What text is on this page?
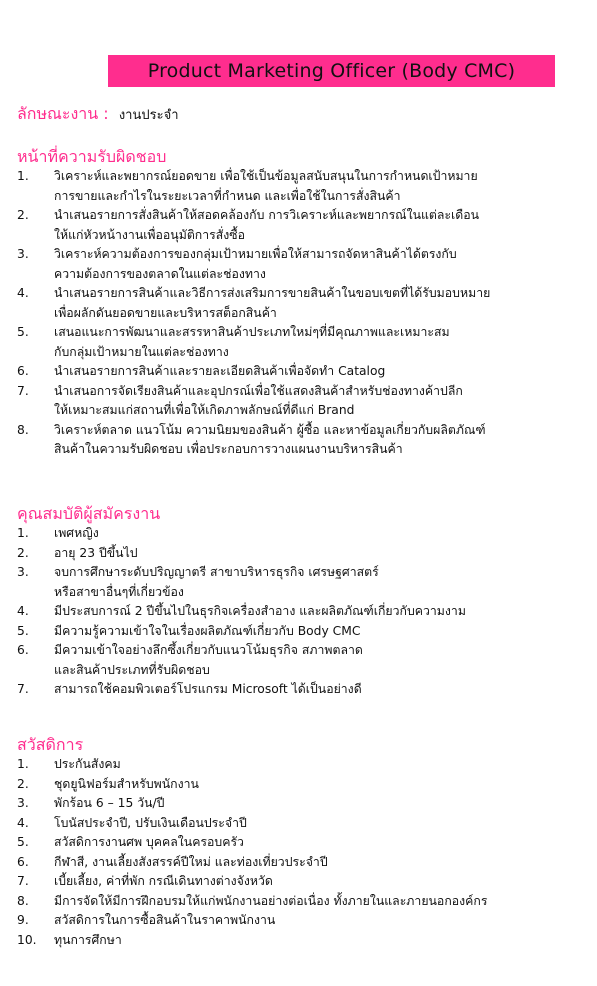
Product Marketing Officer (Body CMC)
ลักษณะงาน : งานประจำ
หน้าที่ความรับผิดชอบ
1. วิเคราะห์และพยากรณ์ยอดขาย เพื่อใช้เป็นข้อมูลสนับสนุนในการกำหนดเป้าหมาย
การขายและกำไรในระยะเวลาที่กำหนด และเพื่อใช้ในการสั่งสินค้า
2. นำเสนอรายการสั่งสินค้าให้สอดคล้องกับ การวิเคราะห์และพยากรณ์ในแต่ละเดือน
ให้แก่หัวหน้างานเพื่ออนุมัติการสั่งซื้อ
3. วิเคราะห์ความต้องการของกลุ่มเป้าหมายเพื่อให้สามารถจัดหาสินค้าได้ตรงกับ
ความต้องการของตลาดในแต่ละช่องทาง
4. นำเสนอรายการสินค้าและวิธีการส่งเสริมการขายสินค้าในขอบเขตที่ได้รับมอบหมาย
เพื่อผลักดันยอดขายและบริหารสต็อกสินค้า
5. เสนอแนะการพัฒนาและสรรหาสินค้าประเภทใหม่ๆที่มีคุณภาพและเหมาะสม
กับกลุ่มเป้าหมายในแต่ละช่องทาง
6. นำเสนอรายการสินค้าและรายละเอียดสินค้าเพื่อจัดทำ Catalog
7. นำเสนอการจัดเรียงสินค้าและอุปกรณ์เพื่อใช้แสดงสินค้าสำหรับช่องทางค้าปลีก
ให้เหมาะสมแก่สถานที่เพื่อให้เกิดภาพลักษณ์ที่ดีแก่ Brand
8. วิเคราะห์ตลาด แนวโน้ม ความนิยมของสินค้า ผู้ซื้อ และหาข้อมูลเกี่ยวกับผลิตภัณฑ์
สินค้าในความรับผิดชอบ เพื่อประกอบการวางแผนงานบริหารสินค้า
คุณสมบัติผู้สมัครงาน
1. เพศหญิง
2. อายุ 23 ปีขึ้นไป
3. จบการศึกษาระดับปริญญาตรี สาขาบริหารธุรกิจ เศรษฐศาสตร์
หรือสาขาอื่นๆที่เกี่ยวข้อง
4. มีประสบการณ์ 2 ปีขึ้นไปในธุรกิจเครื่องสำอาง และผลิตภัณฑ์เกี่ยวกับความงาม
5. มีความรู้ความเข้าใจในเรื่องผลิตภัณฑ์เกี่ยวกับ Body CMC
6. มีความเข้าใจอย่างลึกซึ้งเกี่ยวกับแนวโน้มธุรกิจ สภาพตลาด
และสินค้าประเภทที่รับผิดชอบ
7. สามารถใช้คอมพิวเตอร์โปรแกรม Microsoft ได้เป็นอย่างดี
สวัสดิการ
1. ประกันสังคม
2. ชุดยูนิฟอร์มสำหรับพนักงาน
3. พักร้อน 6 – 15 วัน/ปี
4. โบนัสประจำปี, ปรับเงินเดือนประจำปี
5. สวัสดิการงานศพ บุคคลในครอบครัว
6. กีฬาสี, งานเลี้ยงสังสรรค์ปีใหม่ และท่องเที่ยวประจำปี
7. เบี้ยเลี้ยง, ค่าที่พัก กรณีเดินทางต่างจังหวัด
8. มีการจัดให้มีการฝึกอบรมให้แก่พนักงานอย่างต่อเนื่อง ทั้งภายในและภายนอกองค์กร
9. สวัสดิการในการซื้อสินค้าในราคาพนักงาน
10. ทุนการศึกษา
